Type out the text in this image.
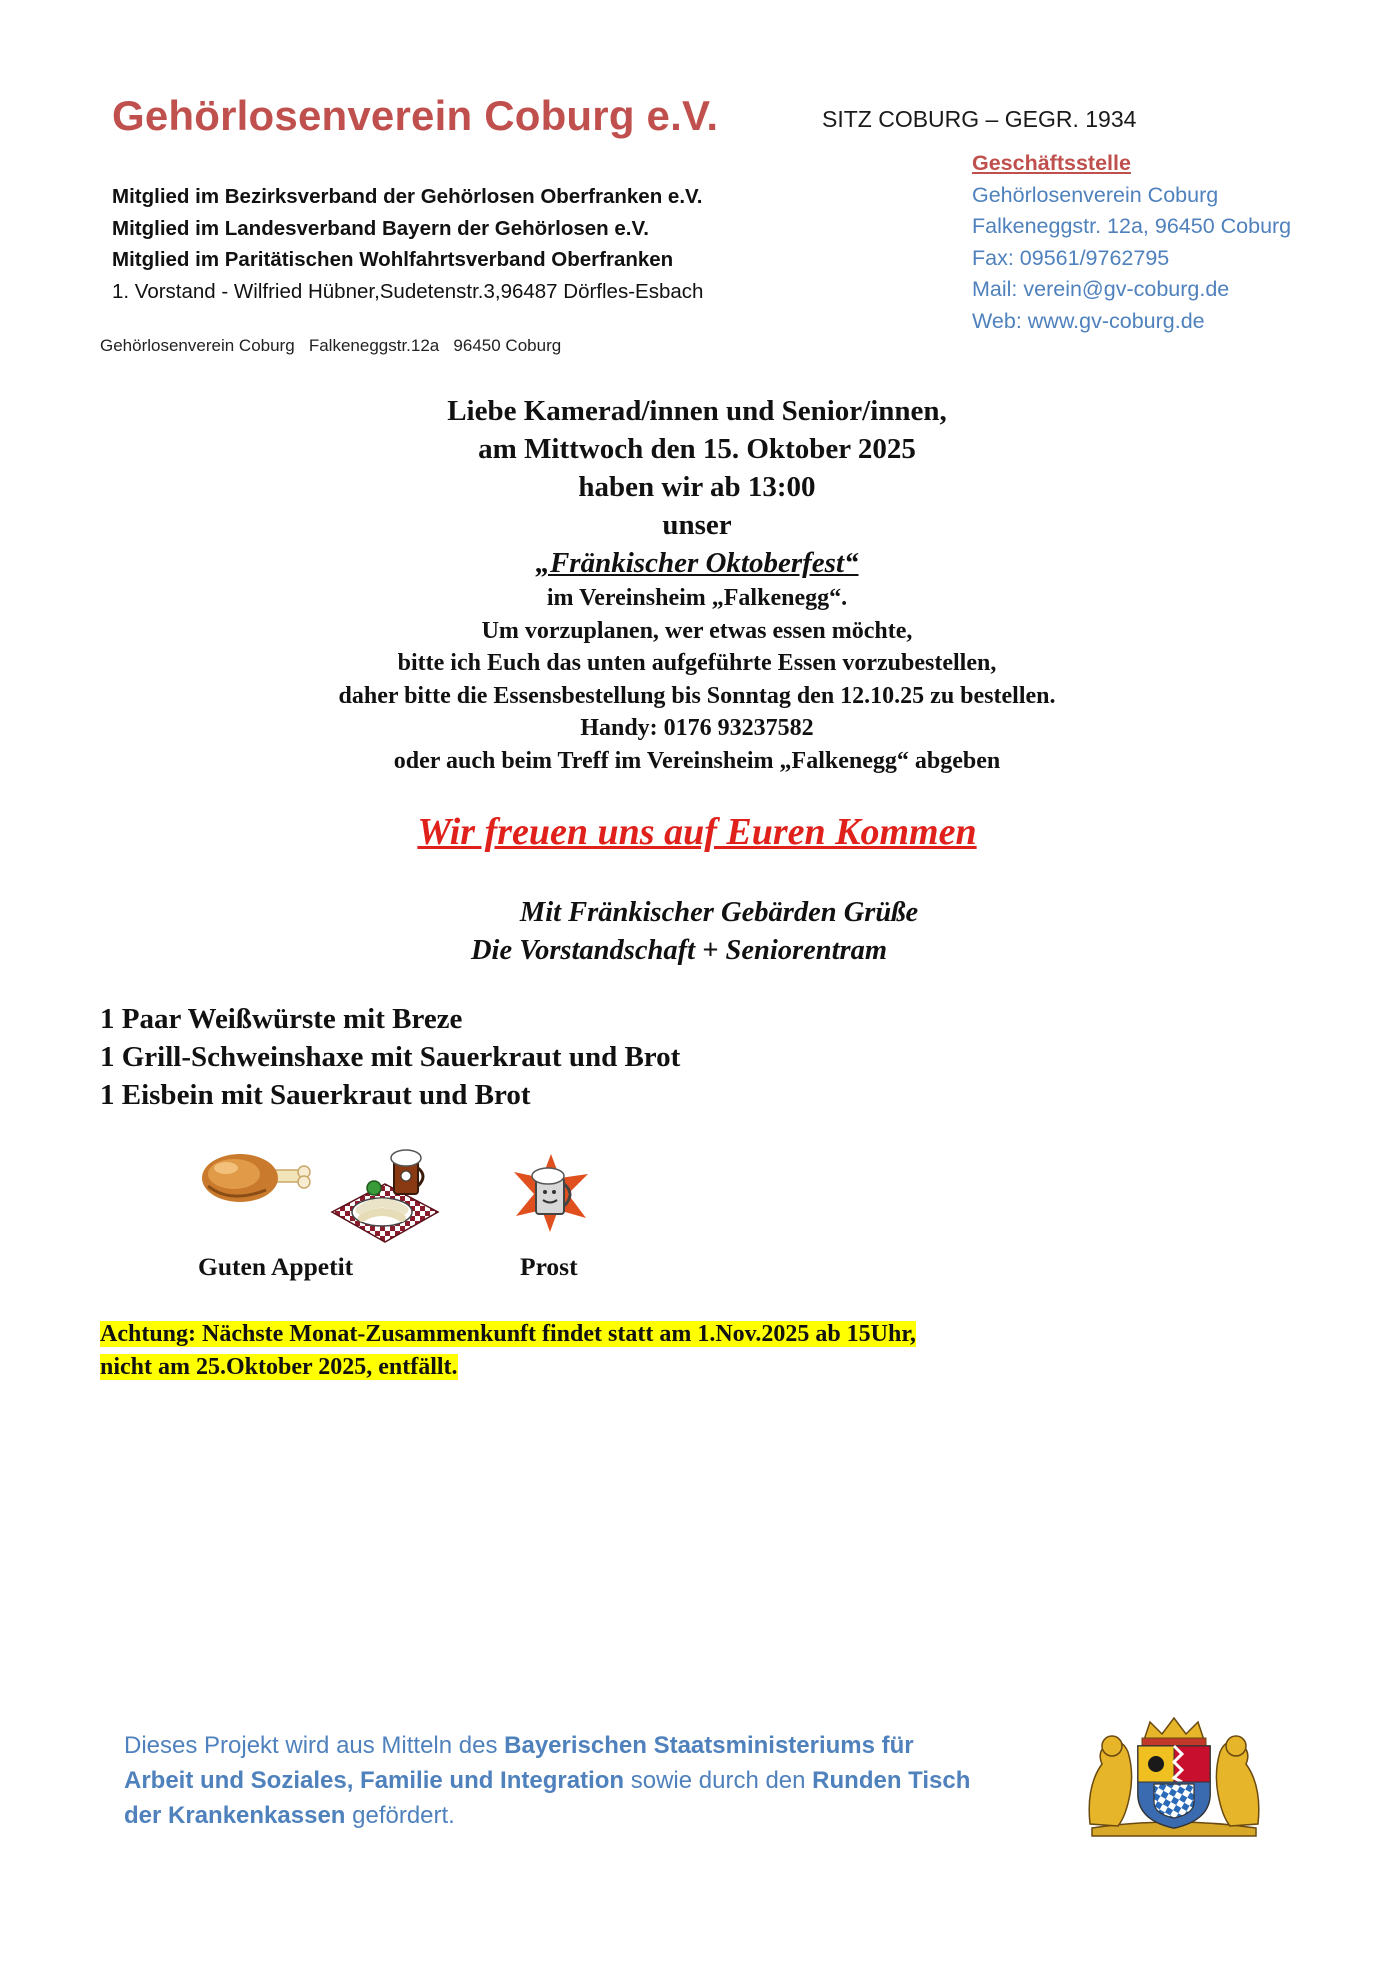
Gehörlosenverein Coburg e.V.	SITZ COBURG – GEGR. 1934
Mitglied im Bezirksverband der Gehörlosen Oberfranken e.V.
Mitglied im Landesverband Bayern der Gehörlosen e.V.
Mitglied im Paritätischen Wohlfahrtsverband Oberfranken
1. Vorstand - Wilfried Hübner,Sudetenstr.3,96487 Dörfles-Esbach
Geschäftsstelle
Gehörlosenverein Coburg
Falkeneggstr. 12a, 96450 Coburg
Fax: 09561/9762795
Mail: verein@gv-coburg.de
Web: www.gv-coburg.de
Gehörlosenverein Coburg   Falkeneggstr.12a   96450 Coburg
Liebe Kamerad/innen und Senior/innen,
am Mittwoch den 15. Oktober 2025
haben wir ab 13:00
unser
„Fränkischer Oktoberfest“
im Vereinsheim „Falkenegg“.
Um vorzuplanen, wer etwas essen möchte,
bitte ich Euch das unten aufgeführte Essen vorzubestellen,
daher bitte die Essensbestellung bis Sonntag den 12.10.25 zu bestellen.
Handy: 0176 93237582
oder auch beim Treff im Vereinsheim „Falkenegg“ abgeben
Wir freuen uns auf Euren Kommen
Mit Fränkischer Gebärden Grüße
Die Vorstandschaft + Seniorentram
1 Paar Weißwürste mit Breze
1 Grill-Schweinshaxe mit Sauerkraut und Brot
1 Eisbein mit Sauerkraut und Brot
Guten Appetit	Prost
Achtung: Nächste Monat-Zusammenkunft findet statt am 1.Nov.2025 ab 15Uhr,
nicht am 25.Oktober 2025, entfällt.
Dieses Projekt wird aus Mitteln des Bayerischen Staatsministeriums für Arbeit und Soziales, Familie und Integration sowie durch den Runden Tisch der Krankenkassen gefördert.
